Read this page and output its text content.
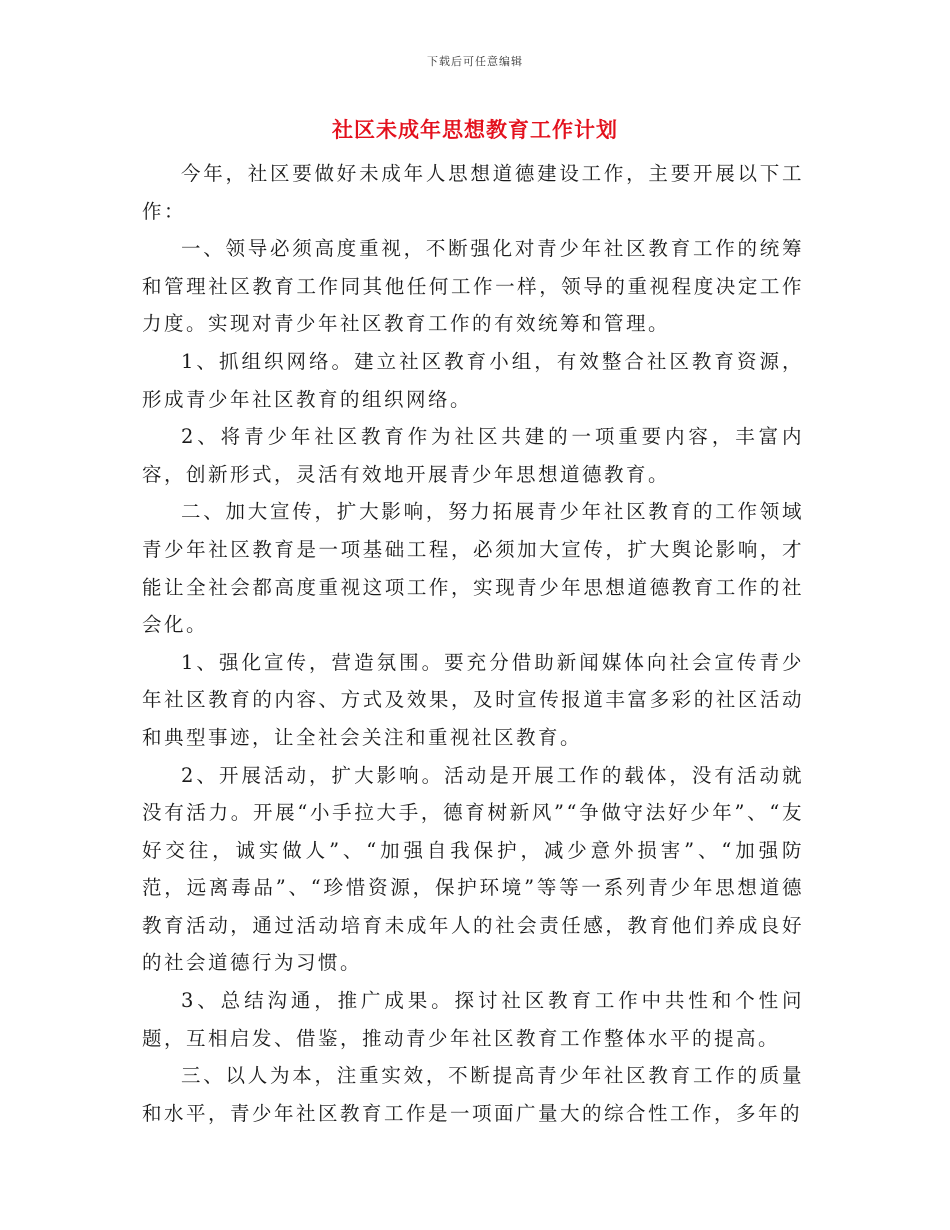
下载后可任意编辑
社区未成年思想教育工作计划

今年，社区要做好未成年人思想道德建设工作，主要开展以下工作：

一、领导必须高度重视，不断强化对青少年社区教育工作的统筹和管理社区教育工作同其他任何工作一样，领导的重视程度决定工作力度。实现对青少年社区教育工作的有效统筹和管理。

1、抓组织网络。建立社区教育小组，有效整合社区教育资源，形成青少年社区教育的组织网络。

2、将青少年社区教育作为社区共建的一项重要内容，丰富内容，创新形式，灵活有效地开展青少年思想道德教育。

二、加大宣传，扩大影响，努力拓展青少年社区教育的工作领域青少年社区教育是一项基础工程，必须加大宣传，扩大舆论影响，才能让全社会都高度重视这项工作，实现青少年思想道德教育工作的社会化。

1、强化宣传，营造氛围。要充分借助新闻媒体向社会宣传青少年社区教育的内容、方式及效果，及时宣传报道丰富多彩的社区活动和典型事迹，让全社会关注和重视社区教育。

2、开展活动，扩大影响。活动是开展工作的载体，没有活动就没有活力。开展“小手拉大手，德育树新风”“争做守法好少年”、“友好交往，诚实做人”、“加强自我保护，减少意外损害”、“加强防范，远离毒品”、“珍惜资源，保护环境”等等一系列青少年思想道德教育活动，通过活动培育未成年人的社会责任感，教育他们养成良好的社会道德行为习惯。

3、总结沟通，推广成果。探讨社区教育工作中共性和个性问题，互相启发、借鉴，推动青少年社区教育工作整体水平的提高。

三、以人为本，注重实效，不断提高青少年社区教育工作的质量和水平，青少年社区教育工作是一项面广量大的综合性工作，多年的
